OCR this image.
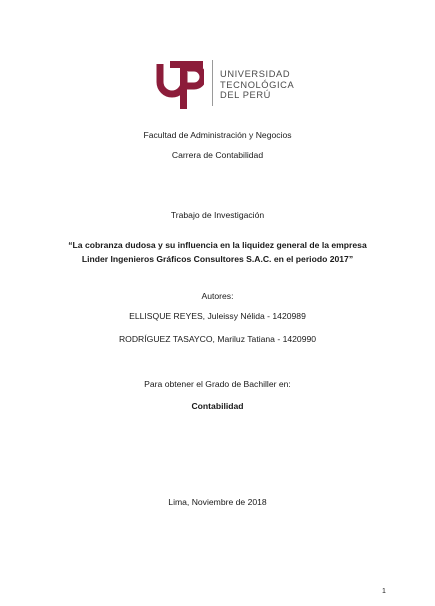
UNIVERSIDAD
TECNOLÓGICA
DEL PERÚ
Facultad de Administración y Negocios
Carrera de Contabilidad
Trabajo de Investigación
“La cobranza dudosa y su influencia en la liquidez general de la empresa
Linder Ingenieros Gráficos Consultores S.A.C. en el periodo 2017”
Autores:
ELLISQUE REYES, Juleissy Nélida - 1420989
RODRÍGUEZ TASAYCO, Mariluz Tatiana - 1420990
Para obtener el Grado de Bachiller en:
Contabilidad
Lima, Noviembre de 2018
1
